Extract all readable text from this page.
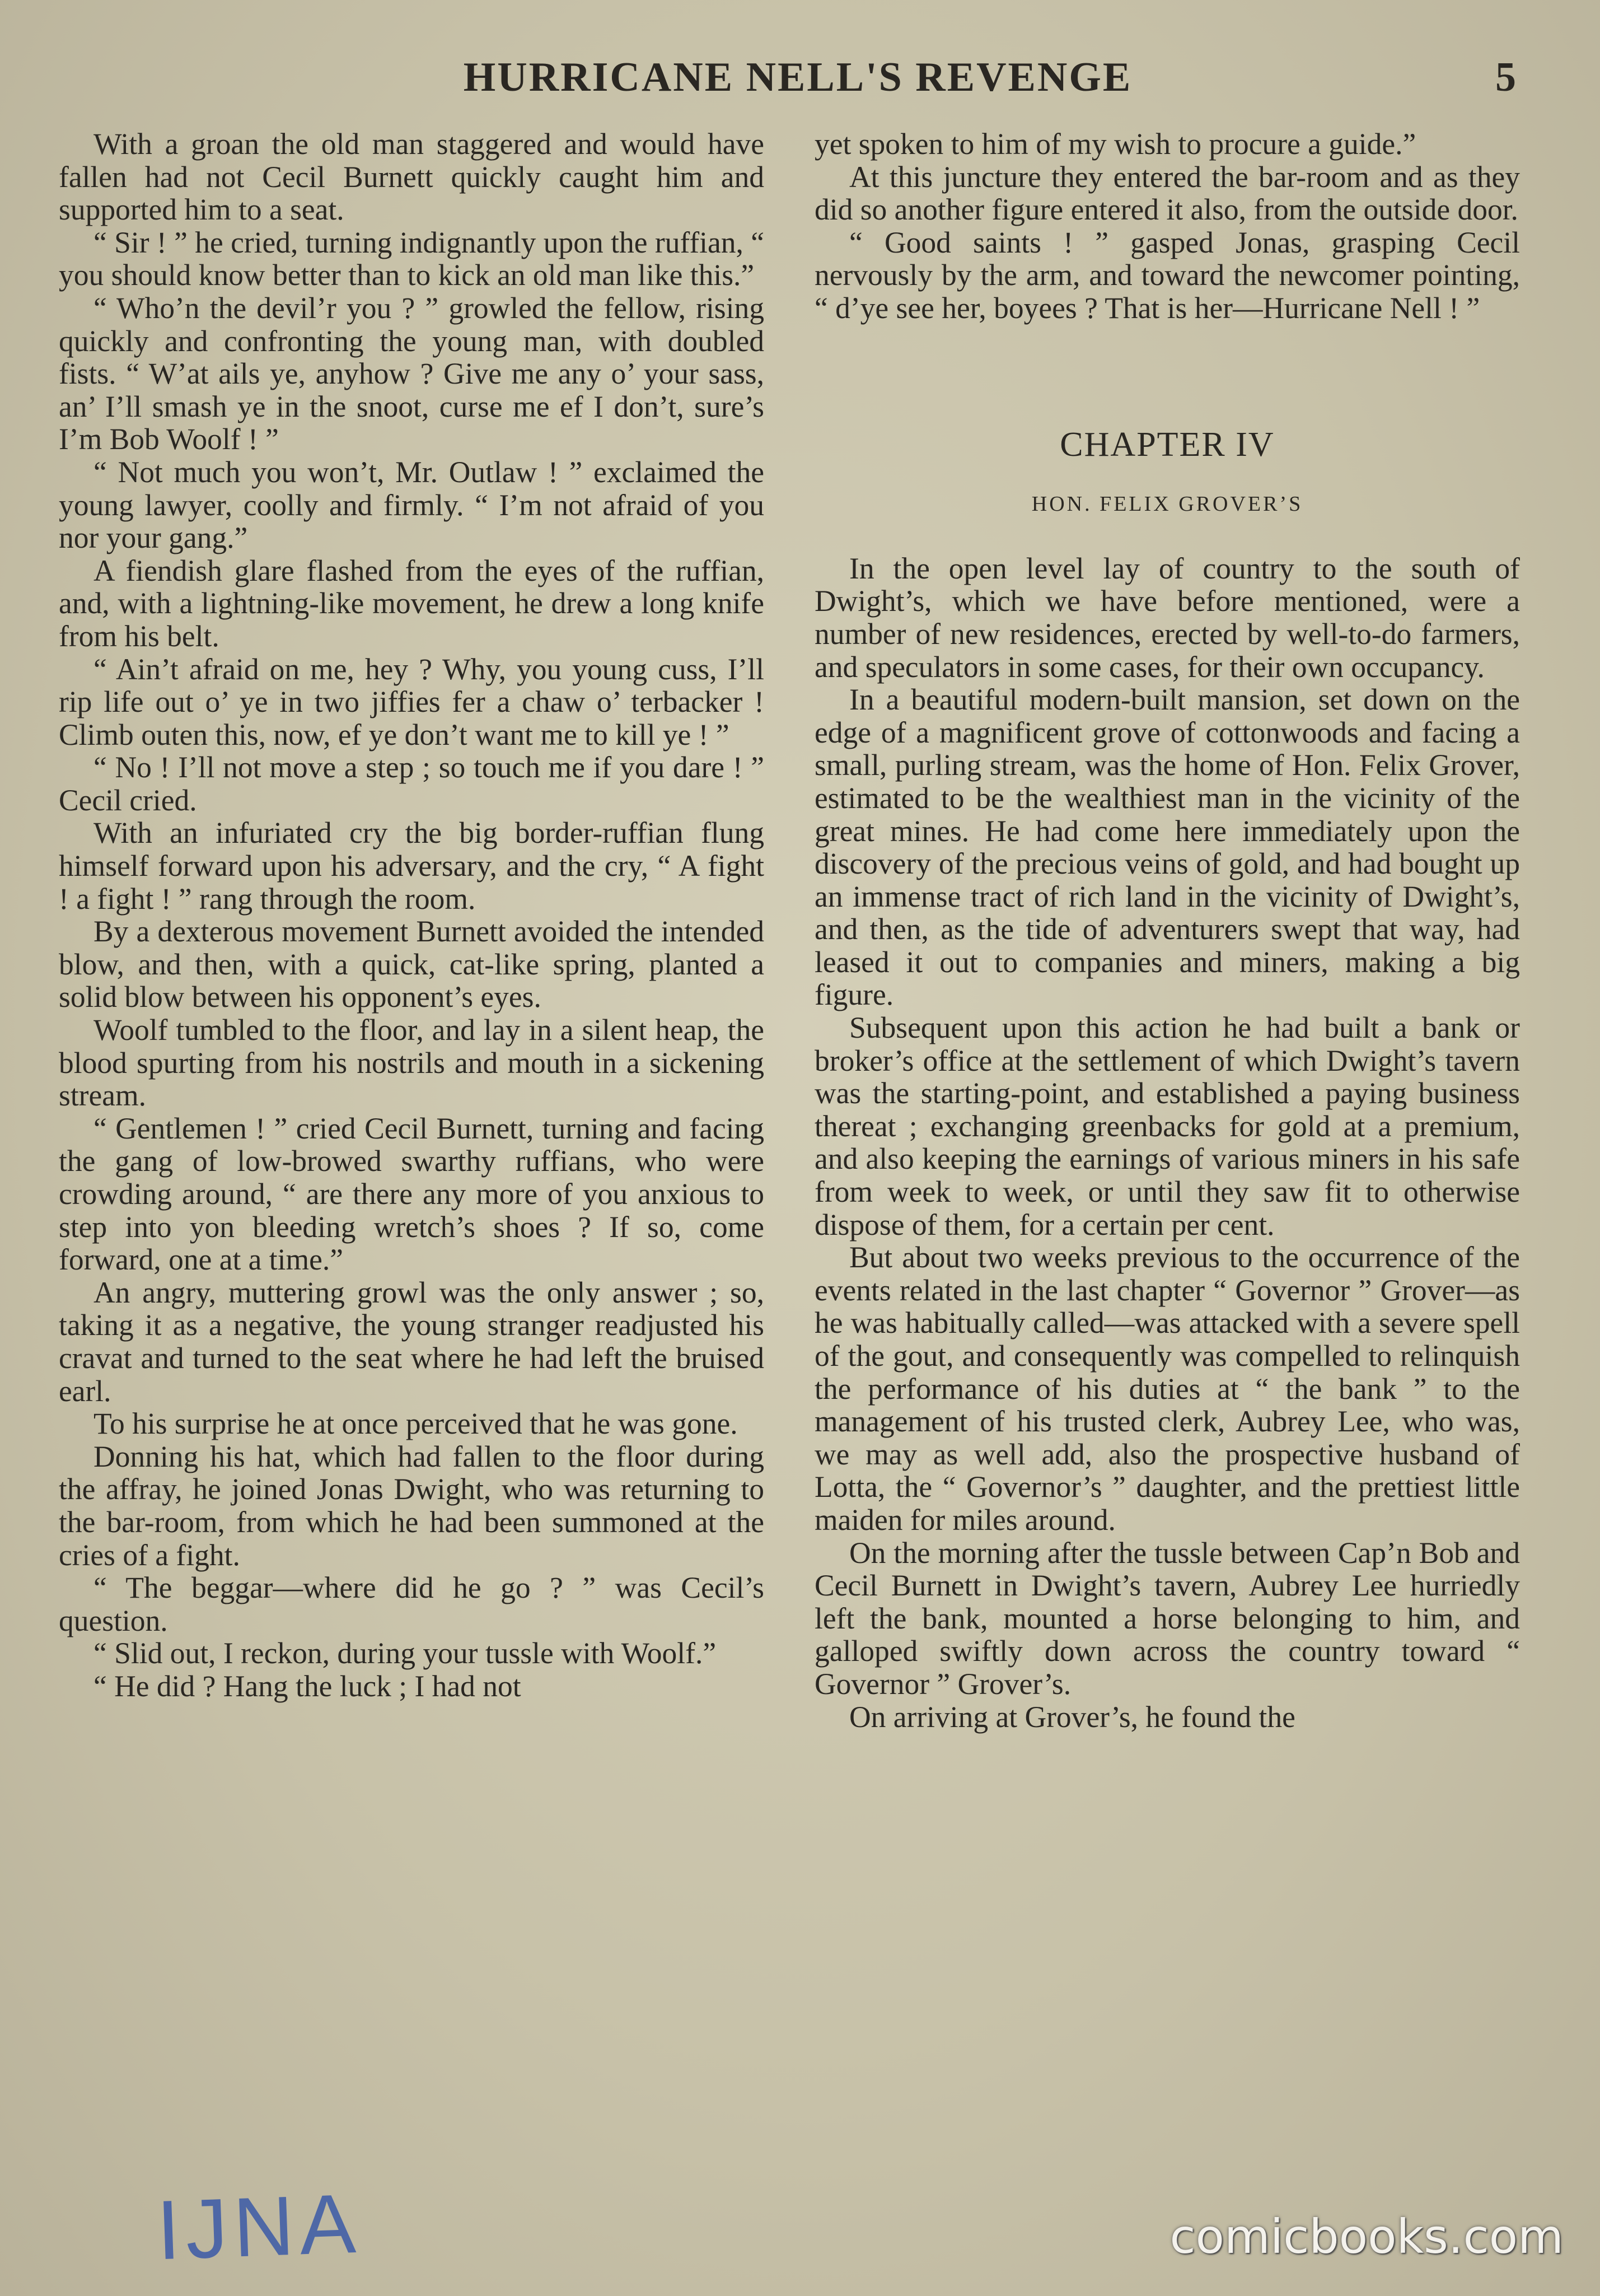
HURRICANE NELL'S REVENGE	5

With a groan the old man staggered and would have fallen had not Cecil Burnett quickly caught him and supported him to a seat.

“ Sir ! ” he cried, turning indignantly upon the ruffian, “ you should know better than to kick an old man like this.”

“ Who’n the devil’r you ? ” growled the fellow, rising quickly and confronting the young man, with doubled fists. “ W’at ails ye, anyhow ? Give me any o’ your sass, an’ I’ll smash ye in the snoot, curse me ef I don’t, sure’s I’m Bob Woolf ! ”

“ Not much you won’t, Mr. Outlaw ! ” exclaimed the young lawyer, coolly and firmly. “ I’m not afraid of you nor your gang.”

A fiendish glare flashed from the eyes of the ruffian, and, with a lightning-like movement, he drew a long knife from his belt.

“ Ain’t afraid on me, hey ? Why, you young cuss, I’ll rip life out o’ ye in two jiffies fer a chaw o’ terbacker ! Climb outen this, now, ef ye don’t want me to kill ye ! ”

“ No ! I’ll not move a step ; so touch me if you dare ! ” Cecil cried.

With an infuriated cry the big border-ruffian flung himself forward upon his adversary, and the cry, “ A fight ! a fight ! ” rang through the room.

By a dexterous movement Burnett avoided the intended blow, and then, with a quick, cat-like spring, planted a solid blow between his opponent’s eyes.

Woolf tumbled to the floor, and lay in a silent heap, the blood spurting from his nostrils and mouth in a sickening stream.

“ Gentlemen ! ” cried Cecil Burnett, turning and facing the gang of low-browed swarthy ruffians, who were crowding around, “ are there any more of you anxious to step into yon bleeding wretch’s shoes ? If so, come forward, one at a time.”

An angry, muttering growl was the only answer ; so, taking it as a negative, the young stranger readjusted his cravat and turned to the seat where he had left the bruised earl.

To his surprise he at once perceived that he was gone.

Donning his hat, which had fallen to the floor during the affray, he joined Jonas Dwight, who was returning to the bar-room, from which he had been summoned at the cries of a fight.

“ The beggar—where did he go ? ” was Cecil’s question.

“ Slid out, I reckon, during your tussle with Woolf.”

“ He did ? Hang the luck ; I had not

yet spoken to him of my wish to procure a guide.”

At this juncture they entered the bar-room and as they did so another figure entered it also, from the outside door.

“ Good saints ! ” gasped Jonas, grasping Cecil nervously by the arm, and toward the newcomer pointing, “ d’ye see her, boyees ? That is her—Hurricane Nell ! ”

CHAPTER IV
HON. FELIX GROVER’S

In the open level lay of country to the south of Dwight’s, which we have before mentioned, were a number of new residences, erected by well-to-do farmers, and speculators in some cases, for their own occupancy.

In a beautiful modern-built mansion, set down on the edge of a magnificent grove of cottonwoods and facing a small, purling stream, was the home of Hon. Felix Grover, estimated to be the wealthiest man in the vicinity of the great mines. He had come here immediately upon the discovery of the precious veins of gold, and had bought up an immense tract of rich land in the vicinity of Dwight’s, and then, as the tide of adventurers swept that way, had leased it out to companies and miners, making a big figure.

Subsequent upon this action he had built a bank or broker’s office at the settlement of which Dwight’s tavern was the starting-point, and established a paying business thereat ; exchanging greenbacks for gold at a premium, and also keeping the earnings of various miners in his safe from week to week, or until they saw fit to otherwise dispose of them, for a certain per cent.

But about two weeks previous to the occurrence of the events related in the last chapter “ Governor ” Grover—as he was habitually called—was attacked with a severe spell of the gout, and consequently was compelled to relinquish the performance of his duties at “ the bank ” to the management of his trusted clerk, Aubrey Lee, who was, we may as well add, also the prospective husband of Lotta, the “ Governor’s ” daughter, and the prettiest little maiden for miles around.

On the morning after the tussle between Cap’n Bob and Cecil Burnett in Dwight’s tavern, Aubrey Lee hurriedly left the bank, mounted a horse belonging to him, and galloped swiftly down across the country toward “ Governor ” Grover’s.

On arriving at Grover’s, he found the

IJNA	comicbooks.com
